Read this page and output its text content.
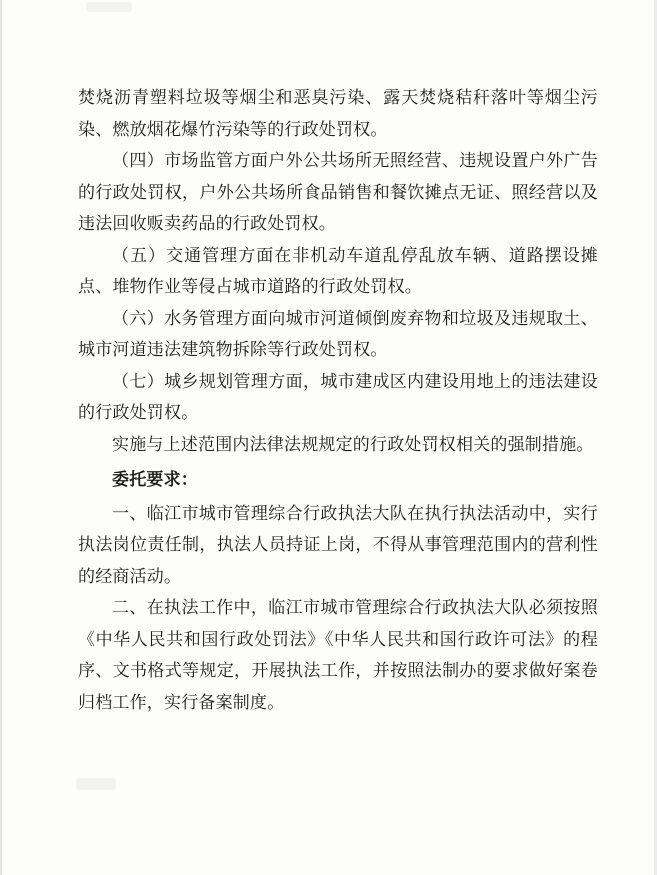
焚烧沥青塑料垃圾等烟尘和恶臭污染、露天焚烧秸秆落叶等烟尘污染、燃放烟花爆竹污染等的行政处罚权。

（四）市场监管方面户外公共场所无照经营、违规设置户外广告的行政处罚权，户外公共场所食品销售和餐饮摊点无证、照经营以及违法回收贩卖药品的行政处罚权。

（五）交通管理方面在非机动车道乱停乱放车辆、道路摆设摊点、堆物作业等侵占城市道路的行政处罚权。

（六）水务管理方面向城市河道倾倒废弃物和垃圾及违规取土、城市河道违法建筑物拆除等行政处罚权。

（七）城乡规划管理方面，城市建成区内建设用地上的违法建设的行政处罚权。

实施与上述范围内法律法规规定的行政处罚权相关的强制措施。

委托要求：

一、临江市城市管理综合行政执法大队在执行执法活动中，实行执法岗位责任制，执法人员持证上岗，不得从事管理范围内的营利性的经商活动。

二、在执法工作中，临江市城市管理综合行政执法大队必须按照《中华人民共和国行政处罚法》《中华人民共和国行政许可法》的程序、文书格式等规定，开展执法工作，并按照法制办的要求做好案卷归档工作，实行备案制度。
